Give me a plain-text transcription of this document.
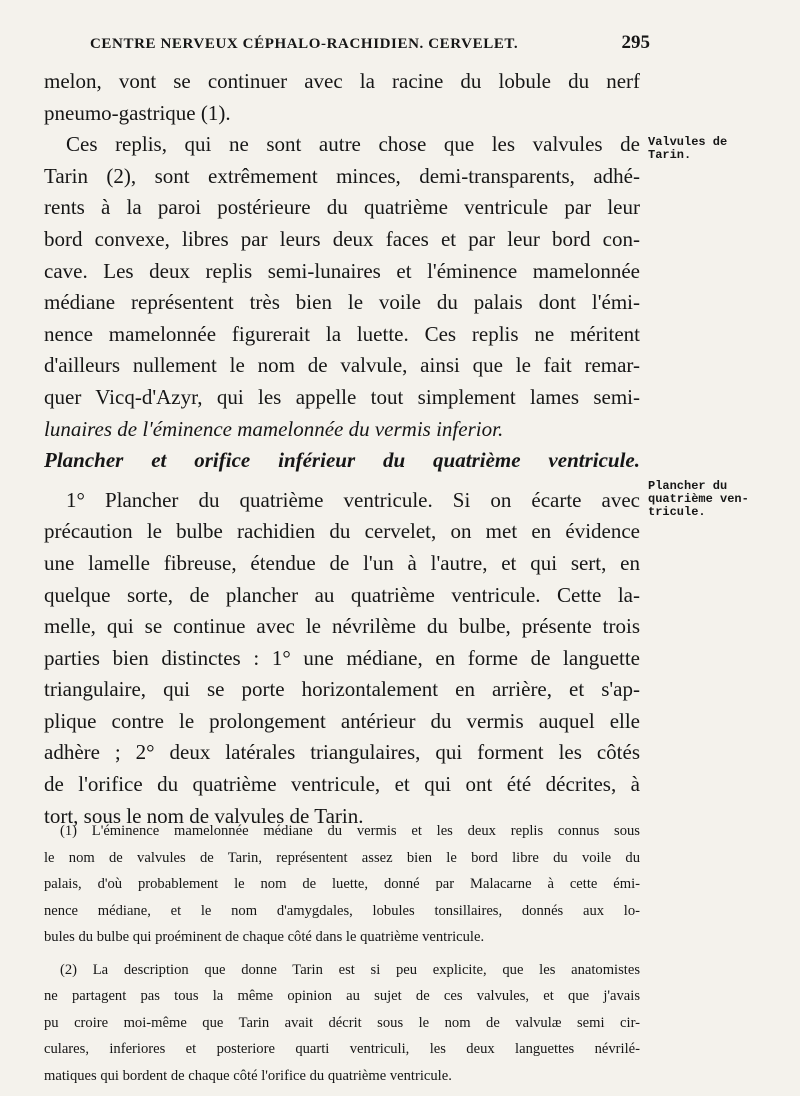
CENTRE NERVEUX CÉPHALO-RACHIDIEN. CERVELET.	295
melon, vont se continuer avec la racine du lobule du nerf
pneumo-gastrique (1).
Ces replis, qui ne sont autre chose que les valvules de
Tarin (2), sont extrêmement minces, demi-transparents, adhé-
rents à la paroi postérieure du quatrième ventricule par leur
bord convexe, libres par leurs deux faces et par leur bord con-
cave. Les deux replis semi-lunaires et l'éminence mamelonnée
médiane représentent très bien le voile du palais dont l'émi-
nence mamelonnée figurerait la luette. Ces replis ne méritent
d'ailleurs nullement le nom de valvule, ainsi que le fait remar-
quer Vicq-d'Azyr, qui les appelle tout simplement lames semi-
lunaires de l'éminence mamelonnée du vermis inferior.
Plancher et orifice inférieur du quatrième ventricule.
1° Plancher du quatrième ventricule. Si on écarte avec
précaution le bulbe rachidien du cervelet, on met en évidence
une lamelle fibreuse, étendue de l'un à l'autre, et qui sert, en
quelque sorte, de plancher au quatrième ventricule. Cette la-
melle, qui se continue avec le névrilème du bulbe, présente trois
parties bien distinctes : 1° une médiane, en forme de languette
triangulaire, qui se porte horizontalement en arrière, et s'ap-
plique contre le prolongement antérieur du vermis auquel elle
adhère ; 2° deux latérales triangulaires, qui forment les côtés
de l'orifice du quatrième ventricule, et qui ont été décrites, à
tort, sous le nom de valvules de Tarin.
Valvules de
Tarin.
Plancher du
quatrième ven-
tricule.
(1) L'éminence mamelonnée médiane du vermis et les deux replis connus sous
le nom de valvules de Tarin, représentent assez bien le bord libre du voile du
palais, d'où probablement le nom de luette, donné par Malacarne à cette émi-
nence médiane, et le nom d'amygdales, lobules tonsillaires, donnés aux lo-
bules du bulbe qui proéminent de chaque côté dans le quatrième ventricule.
(2) La description que donne Tarin est si peu explicite, que les anatomistes
ne partagent pas tous la même opinion au sujet de ces valvules, et que j'avais
pu croire moi-même que Tarin avait décrit sous le nom de valvulæ semi cir-
culares, inferiores et posteriore quarti ventriculi, les deux languettes névrilé-
matiques qui bordent de chaque côté l'orifice du quatrième ventricule.
